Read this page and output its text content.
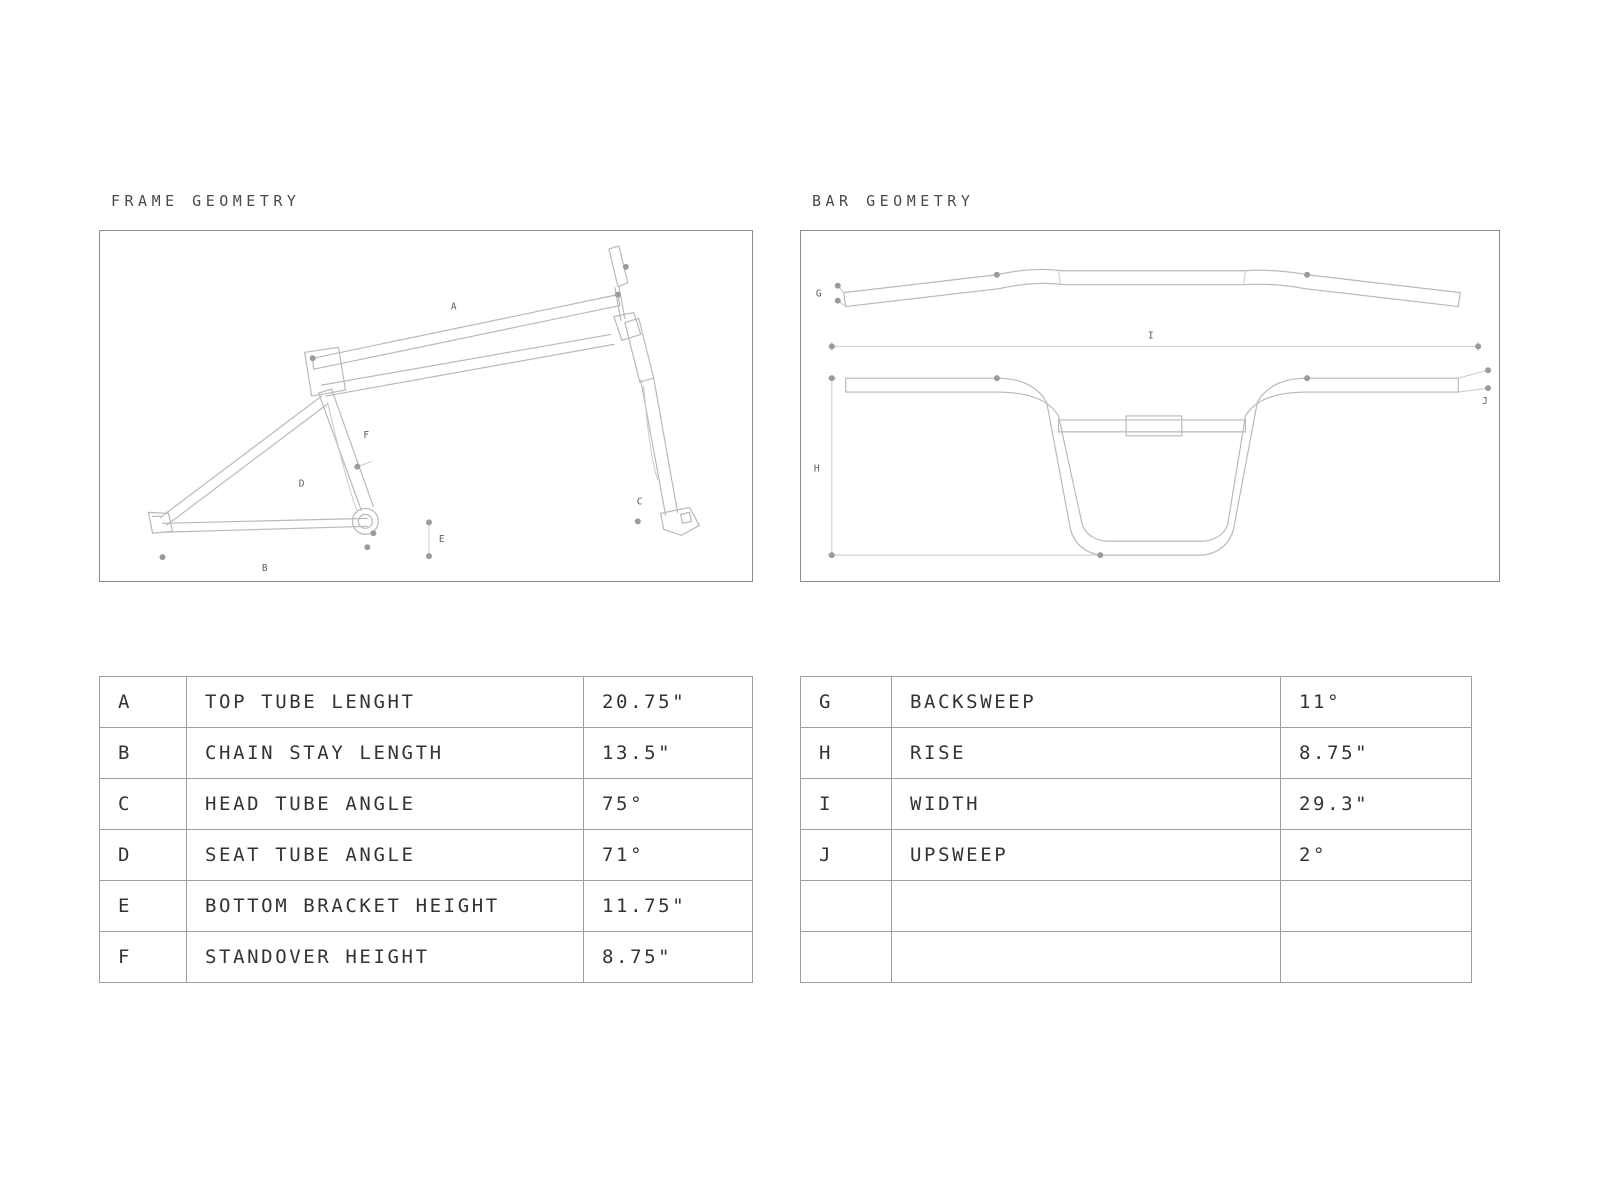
FRAME GEOMETRY
A
B
C
D
E
F
BAR GEOMETRY
G
I
H
J
A	TOP TUBE LENGHT	20.75"
B	CHAIN STAY LENGTH	13.5"
C	HEAD TUBE ANGLE	75°
D	SEAT TUBE ANGLE	71°
E	BOTTOM BRACKET HEIGHT	11.75"
F	STANDOVER HEIGHT	8.75"
G	BACKSWEEP	11°
H	RISE	8.75"
I	WIDTH	29.3"
J	UPSWEEP	2°
